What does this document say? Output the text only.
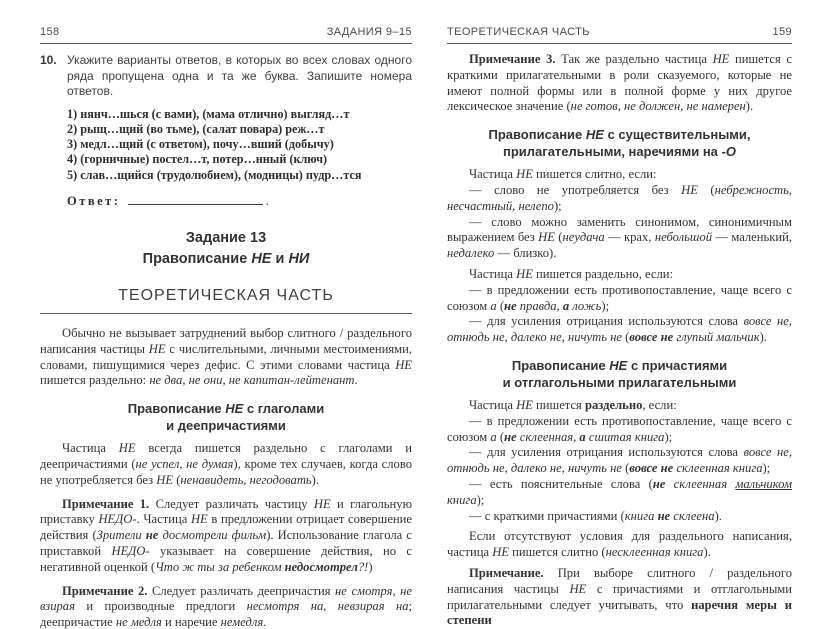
158	ЗАДАНИЯ 9–15
10. Укажите варианты ответов, в которых во всех словах одного ряда пропущена одна и та же буква. Запишите номера ответов.
1) нянч…шься (с вами), (мама отлично) выгляд…т
2) рыщ…щий (во тьме), (салат повара) реж…т
3) медл…щий (с ответом), почу…вший (добычу)
4) (горничные) постел…т, потер…нный (ключ)
5) слав…щийся (трудолюбием), (модницы) пудр…тся
Ответ:	.
Задание 13
Правописание НЕ и НИ
ТЕОРЕТИЧЕСКАЯ ЧАСТЬ

Обычно не вызывает затруднений выбор слитного / раздельного написания частицы НЕ с числительными, личными местоимениями, словами, пишущимися через дефис. С этими словами частица НЕ пишется раздельно: не два, не они, не капитан-лейтенант.

Правописание НЕ с глаголами
и деепричастиями

Частица НЕ всегда пишется раздельно с глаголами и деепричастиями (не успел, не думая), кроме тех случаев, когда слово не употребляется без НЕ (ненавидеть, негодовать).

Примечание 1. Следует различать частицу НЕ и глагольную приставку НЕДО-. Частица НЕ в предложении отрицает совершение действия (Зрители не досмотрели фильм). Использование глагола с приставкой НЕДО- указывает на совершение действия, но с негативной оценкой (Что ж ты за ребенком недосмотрел?!)

Примечание 2. Следует различать деепричастия не смотря, не взирая и производные предлоги несмотря на, невзирая на; деепричастие не медля и наречие немедля.

ТЕОРЕТИЧЕСКАЯ ЧАСТЬ	159

Примечание 3. Так же раздельно частица НЕ пишется с краткими прилагательными в роли сказуемого, которые не имеют полной формы или в полной форме у них другое лексическое значение (не готов, не должен, не намерен).

Правописание НЕ с существительными,
прилагательными, наречиями на -О

Частица НЕ пишется слитно, если:

— слово не употребляется без НЕ (небрежность, несчастный, нелепо);

— слово можно заменить синонимом, синонимичным выражением без НЕ (неудача — крах, небольшой — маленький, недалеко — близко).

Частица НЕ пишется раздельно, если:

— в предложении есть противопоставление, чаще всего с союзом а (не правда, а ложь);

— для усиления отрицания используются слова вовсе не, отнюдь не, далеко не, ничуть не (вовсе не глупый мальчик).

Правописание НЕ с причастиями
и отглагольными прилагательными

Частица НЕ пишется раздельно, если:

— в предложении есть противопоставление, чаще всего с союзом а (не склеенная, а сшитая книга);

— для усиления отрицания используются слова вовсе не, отнюдь не, далеко не, ничуть не (вовсе не склеенная книга);

— есть пояснительные слова (не склеенная мальчиком книга);

— с краткими причастиями (книга не склеена).

Если отсутствуют условия для раздельного написания, частица НЕ пишется слитно (несклеенная книга).

Примечание. При выборе слитного / раздельного написания частицы НЕ с причастиями и отглагольными прилагательными следует учитывать, что наречия меры и степени
